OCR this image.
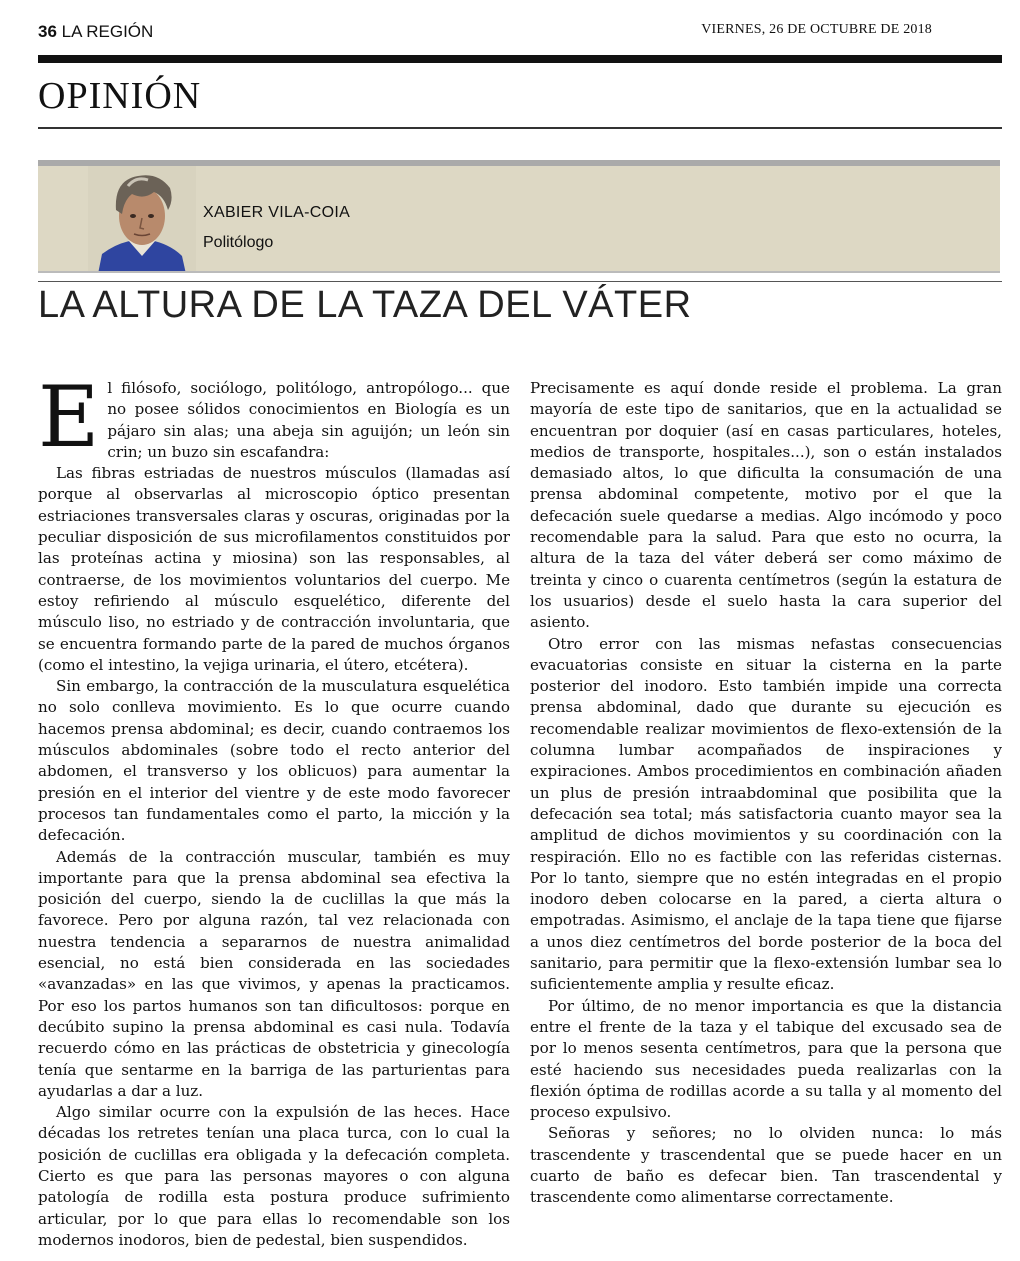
36 LA REGIÓN	VIERNES, 26 DE OCTUBRE DE 2018
OPINIÓN
XABIER VILA-COIA
Politólogo
LA ALTURA DE LA TAZA DEL VÁTER

El filósofo, sociólogo, politólogo, antropólogo... que no posee sólidos conocimientos en Biología es un pájaro sin alas; una abeja sin aguijón; un león sin crin; un buzo sin escafandra:

Las fibras estriadas de nuestros músculos (llamadas así porque al observarlas al microscopio óptico presentan estriaciones transversales claras y oscuras, originadas por la peculiar disposición de sus microfilamentos constituidos por las proteínas actina y miosina) son las responsables, al contraerse, de los movimientos voluntarios del cuerpo. Me estoy refiriendo al músculo esquelético, diferente del músculo liso, no estriado y de contracción involuntaria, que se encuentra formando parte de la pared de muchos órganos (como el intestino, la vejiga urinaria, el útero, etcétera).

Sin embargo, la contracción de la musculatura esquelética no solo conlleva movimiento. Es lo que ocurre cuando hacemos prensa abdominal; es decir, cuando contraemos los músculos abdominales (sobre todo el recto anterior del abdomen, el transverso y los oblicuos) para aumentar la presión en el interior del vientre y de este modo favorecer procesos tan fundamentales como el parto, la micción y la defecación.

Además de la contracción muscular, también es muy importante para que la prensa abdominal sea efectiva la posición del cuerpo, siendo la de cuclillas la que más la favorece. Pero por alguna razón, tal vez relacionada con nuestra tendencia a separarnos de nuestra animalidad esencial, no está bien considerada en las sociedades «avanzadas» en las que vivimos, y apenas la practicamos. Por eso los partos humanos son tan dificultosos: porque en decúbito supino la prensa abdominal es casi nula. Todavía recuerdo cómo en las prácticas de obstetricia y ginecología tenía que sentarme en la barriga de las parturientas para ayudarlas a dar a luz.

Algo similar ocurre con la expulsión de las heces. Hace décadas los retretes tenían una placa turca, con lo cual la posición de cuclillas era obligada y la defecación completa. Cierto es que para las personas mayores o con alguna patología de rodilla esta postura produce sufrimiento articular, por lo que para ellas lo recomendable son los modernos inodoros, bien de pedestal, bien suspendidos.

Precisamente es aquí donde reside el problema. La gran mayoría de este tipo de sanitarios, que en la actualidad se encuentran por doquier (así en casas particulares, hoteles, medios de transporte, hospitales...), son o están instalados demasiado altos, lo que dificulta la consumación de una prensa abdominal competente, motivo por el que la defecación suele quedarse a medias. Algo incómodo y poco recomendable para la salud. Para que esto no ocurra, la altura de la taza del váter deberá ser como máximo de treinta y cinco o cuarenta centímetros (según la estatura de los usuarios) desde el suelo hasta la cara superior del asiento.

Otro error con las mismas nefastas consecuencias evacuatorias consiste en situar la cisterna en la parte posterior del inodoro. Esto también impide una correcta prensa abdominal, dado que durante su ejecución es recomendable realizar movimientos de flexo-extensión de la columna lumbar acompañados de inspiraciones y expiraciones. Ambos procedimientos en combinación añaden un plus de presión intraabdominal que posibilita que la defecación sea total; más satisfactoria cuanto mayor sea la amplitud de dichos movimientos y su coordinación con la respiración. Ello no es factible con las referidas cisternas. Por lo tanto, siempre que no estén integradas en el propio inodoro deben colocarse en la pared, a cierta altura o empotradas. Asimismo, el anclaje de la tapa tiene que fijarse a unos diez centímetros del borde posterior de la boca del sanitario, para permitir que la flexo-extensión lumbar sea lo suficientemente amplia y resulte eficaz.

Por último, de no menor importancia es que la distancia entre el frente de la taza y el tabique del excusado sea de por lo menos sesenta centímetros, para que la persona que esté haciendo sus necesidades pueda realizarlas con la flexión óptima de rodillas acorde a su talla y al momento del proceso expulsivo.

Señoras y señores; no lo olviden nunca: lo más trascendente y trascendental que se puede hacer en un cuarto de baño es defecar bien. Tan trascendental y trascendente como alimentarse correctamente.
